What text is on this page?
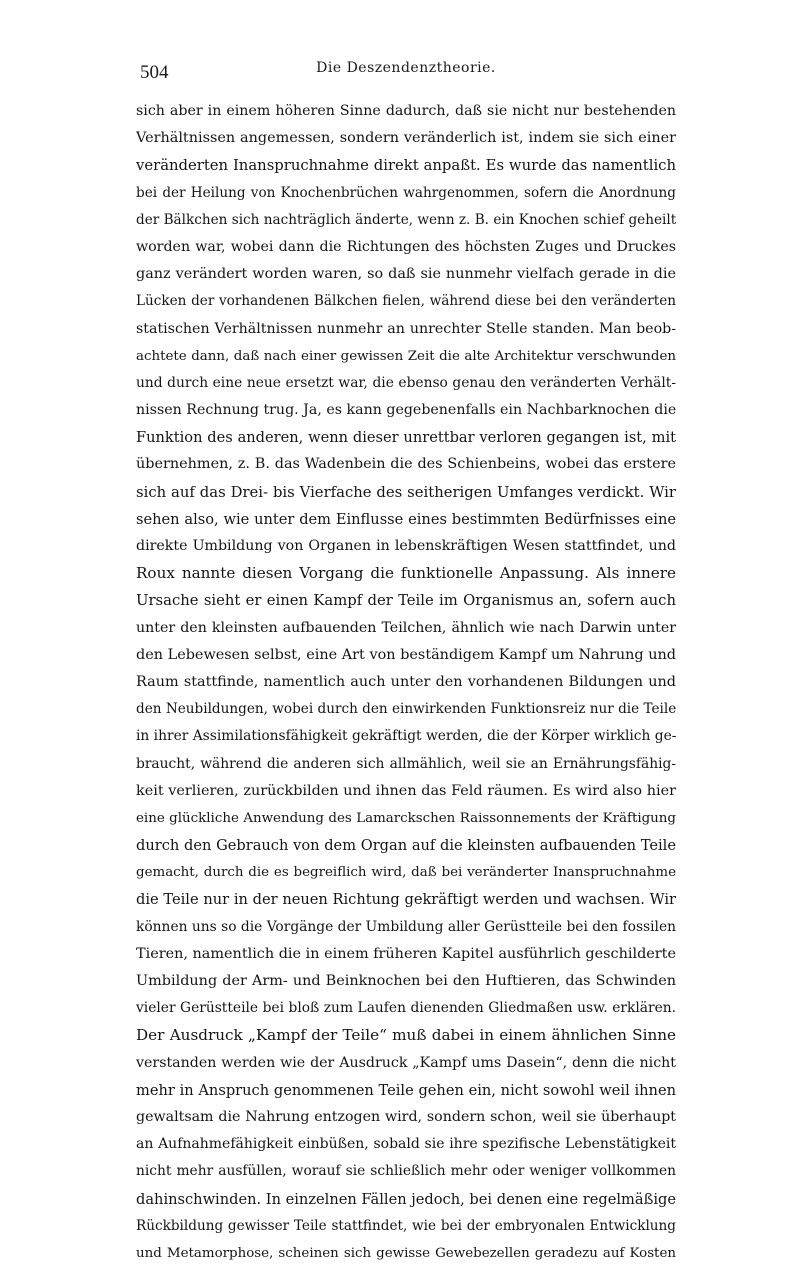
504	Die Deszendenztheorie.
sich aber in einem höheren Sinne dadurch, daß sie nicht nur bestehenden
Verhältnissen angemessen, sondern veränderlich ist, indem sie sich einer
veränderten Inanspruchnahme direkt anpaßt. Es wurde das namentlich
bei der Heilung von Knochenbrüchen wahrgenommen, sofern die Anordnung
der Bälkchen sich nachträglich änderte, wenn z. B. ein Knochen schief geheilt
worden war, wobei dann die Richtungen des höchsten Zuges und Druckes
ganz verändert worden waren, so daß sie nunmehr vielfach gerade in die
Lücken der vorhandenen Bälkchen fielen, während diese bei den veränderten
statischen Verhältnissen nunmehr an unrechter Stelle standen. Man beob-
achtete dann, daß nach einer gewissen Zeit die alte Architektur verschwunden
und durch eine neue ersetzt war, die ebenso genau den veränderten Verhält-
nissen Rechnung trug. Ja, es kann gegebenenfalls ein Nachbarknochen die
Funktion des anderen, wenn dieser unrettbar verloren gegangen ist, mit
übernehmen, z. B. das Wadenbein die des Schienbeins, wobei das erstere
sich auf das Drei- bis Vierfache des seitherigen Umfanges verdickt. Wir
sehen also, wie unter dem Einflusse eines bestimmten Bedürfnisses eine
direkte Umbildung von Organen in lebenskräftigen Wesen stattfindet, und
Roux nannte diesen Vorgang die funktionelle Anpassung. Als innere
Ursache sieht er einen Kampf der Teile im Organismus an, sofern auch
unter den kleinsten aufbauenden Teilchen, ähnlich wie nach Darwin unter
den Lebewesen selbst, eine Art von beständigem Kampf um Nahrung und
Raum stattfinde, namentlich auch unter den vorhandenen Bildungen und
den Neubildungen, wobei durch den einwirkenden Funktionsreiz nur die Teile
in ihrer Assimilationsfähigkeit gekräftigt werden, die der Körper wirklich ge-
braucht, während die anderen sich allmählich, weil sie an Ernährungsfähig-
keit verlieren, zurückbilden und ihnen das Feld räumen. Es wird also hier
eine glückliche Anwendung des Lamarckschen Raissonnements der Kräftigung
durch den Gebrauch von dem Organ auf die kleinsten aufbauenden Teile
gemacht, durch die es begreiflich wird, daß bei veränderter Inanspruchnahme
die Teile nur in der neuen Richtung gekräftigt werden und wachsen. Wir
können uns so die Vorgänge der Umbildung aller Gerüstteile bei den fossilen
Tieren, namentlich die in einem früheren Kapitel ausführlich geschilderte
Umbildung der Arm- und Beinknochen bei den Huftieren, das Schwinden
vieler Gerüstteile bei bloß zum Laufen dienenden Gliedmaßen usw. erklären.
Der Ausdruck „Kampf der Teile“ muß dabei in einem ähnlichen Sinne
verstanden werden wie der Ausdruck „Kampf ums Dasein“, denn die nicht
mehr in Anspruch genommenen Teile gehen ein, nicht sowohl weil ihnen
gewaltsam die Nahrung entzogen wird, sondern schon, weil sie überhaupt
an Aufnahmefähigkeit einbüßen, sobald sie ihre spezifische Lebenstätigkeit
nicht mehr ausfüllen, worauf sie schließlich mehr oder weniger vollkommen
dahinschwinden. In einzelnen Fällen jedoch, bei denen eine regelmäßige
Rückbildung gewisser Teile stattfindet, wie bei der embryonalen Entwicklung
und Metamorphose, scheinen sich gewisse Gewebezellen geradezu auf Kosten
